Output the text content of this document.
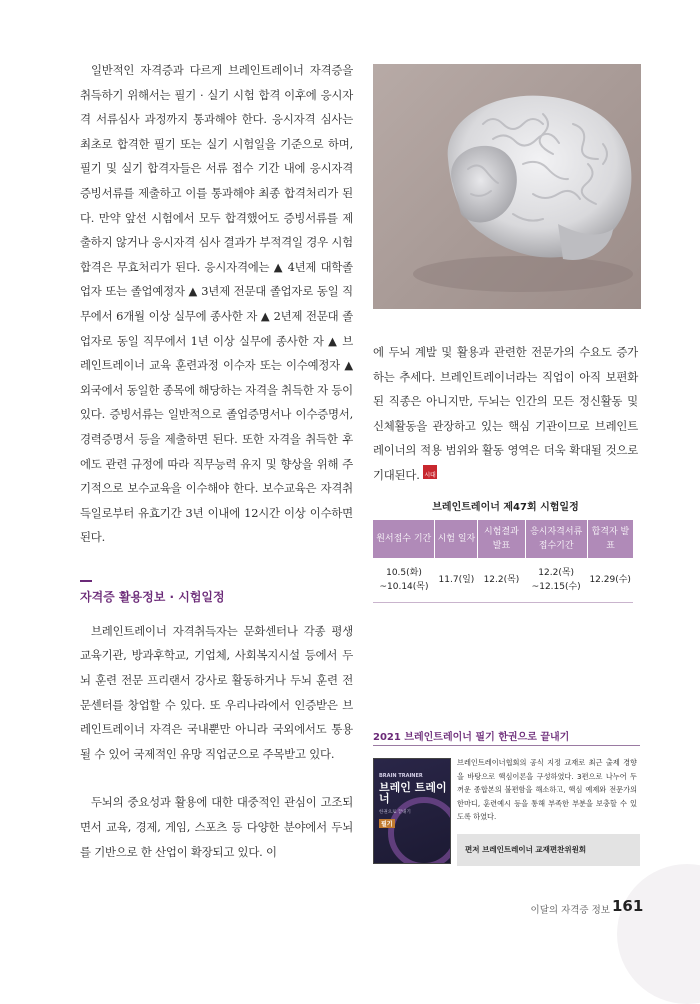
일반적인 자격증과 다르게 브레인트레이너 자격증을 취득하기 위해서는 필기 · 실기 시험 합격 이후에 응시자격 서류심사 과정까지 통과해야 한다. 응시자격 심사는 최초로 합격한 필기 또는 실기 시험일을 기준으로 하며, 필기 및 실기 합격자들은 서류 접수 기간 내에 응시자격 증빙서류를 제출하고 이를 통과해야 최종 합격처리가 된다. 만약 앞선 시험에서 모두 합격했어도 증빙서류를 제출하지 않거나 응시자격 심사 결과가 부적격일 경우 시험 합격은 무효처리가 된다. 응시자격에는 ▲ 4년제 대학졸업자 또는 졸업예정자 ▲ 3년제 전문대 졸업자로 동일 직무에서 6개월 이상 실무에 종사한 자 ▲ 2년제 전문대 졸업자로 동일 직무에서 1년 이상 실무에 종사한 자 ▲ 브레인트레이너 교육 훈련과정 이수자 또는 이수예정자 ▲ 외국에서 동일한 종목에 해당하는 자격을 취득한 자 등이 있다. 증빙서류는 일반적으로 졸업증명서나 이수증명서, 경력증명서 등을 제출하면 된다. 또한 자격을 취득한 후에도 관련 규정에 따라 직무능력 유지 및 향상을 위해 주기적으로 보수교육을 이수해야 한다. 보수교육은 자격취득일로부터 유효기간 3년 이내에 12시간 이상 이수하면 된다.

자격증 활용정보 · 시험일정

브레인트레이너 자격취득자는 문화센터나 각종 평생교육기관, 방과후학교, 기업체, 사회복지시설 등에서 두뇌 훈련 전문 프리랜서 강사로 활동하거나 두뇌 훈련 전문센터를 창업할 수 있다. 또 우리나라에서 인증받은 브레인트레이너 자격은 국내뿐만 아니라 국외에서도 통용될 수 있어 국제적인 유망 직업군으로 주목받고 있다.

두뇌의 중요성과 활용에 대한 대중적인 관심이 고조되면서 교육, 경제, 게임, 스포츠 등 다양한 분야에서 두뇌를 기반으로 한 산업이 확장되고 있다. 이

에 두뇌 계발 및 활용과 관련한 전문가의 수요도 증가하는 추세다. 브레인트레이너라는 직업이 아직 보편화된 직종은 아니지만, 두뇌는 인간의 모든 정신활동 및 신체활동을 관장하고 있는 핵심 기관이므로 브레인트레이너의 적용 범위와 활동 영역은 더욱 확대될 것으로 기대된다. 시대

브레인트레이너 제47회 시험일정
원서접수 기간	시험 일자	시험결과 발표	응시자격서류 접수기간	합격자 발표
10.5(화) ~10.14(목)	11.7(일)	12.2(목)	12.2(목) ~12.15(수)	12.29(수)
2021 브레인트레이너 필기 한권으로 끝내기
BRAIN TRAINER
브레인 트레이너
한권으로 끝내기
필기
브레인트레이너협회의 공식 지정 교재로 최근 출제 경향을 바탕으로 핵심이론을 구성하였다. 3편으로 나누어 두꺼운 종합본의 불편함을 해소하고, 핵심 예제와 전문가의 한마디, 훈련예시 등을 통해 부족한 부분을 보충할 수 있도록 하였다.
편저 브레인트레이너 교재편찬위원회
이달의 자격증 정보 161
